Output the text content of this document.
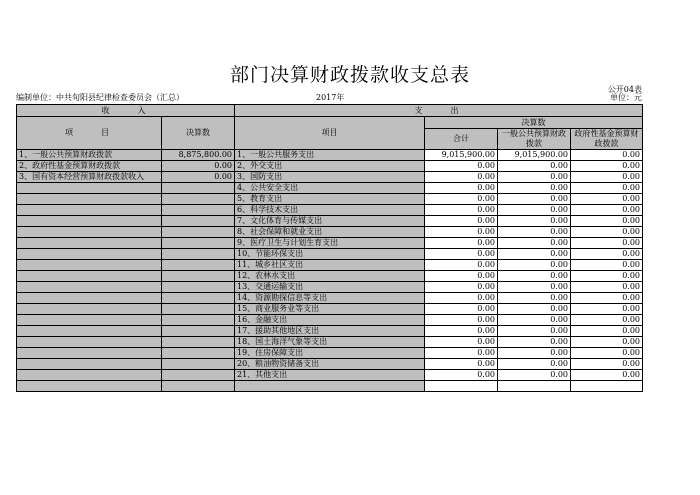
部门决算财政拨款收支总表
公开04表
编制单位：中共旬阳县纪律检查委员会（汇总）	2017年	单位：元
收　　入		支　　出			
项　　目	决算数	项目	决算数		
			合计	一般公共预算财政拨款	政府性基金预算财政拨款
1、一般公共预算财政拨款	8,875,800.00	1、一般公共服务支出	9,015,900.00	9,015,900.00	0.00
2、政府性基金预算财政拨款	0.00	2、外交支出	0.00	0.00	0.00
3、国有资本经营预算财政拨款收入	0.00	3、国防支出	0.00	0.00	0.00
		4、公共安全支出	0.00	0.00	0.00
		5、教育支出	0.00	0.00	0.00
		6、科学技术支出	0.00	0.00	0.00
		7、文化体育与传媒支出	0.00	0.00	0.00
		8、社会保障和就业支出	0.00	0.00	0.00
		9、医疗卫生与计划生育支出	0.00	0.00	0.00
		10、节能环保支出	0.00	0.00	0.00
		11、城乡社区支出	0.00	0.00	0.00
		12、农林水支出	0.00	0.00	0.00
		13、交通运输支出	0.00	0.00	0.00
		14、资源勘探信息等支出	0.00	0.00	0.00
		15、商业服务业等支出	0.00	0.00	0.00
		16、金融支出	0.00	0.00	0.00
		17、援助其他地区支出	0.00	0.00	0.00
		18、国土海洋气象等支出	0.00	0.00	0.00
		19、住房保障支出	0.00	0.00	0.00
		20、粮油物资储备支出	0.00	0.00	0.00
		21、其他支出	0.00	0.00	0.00
